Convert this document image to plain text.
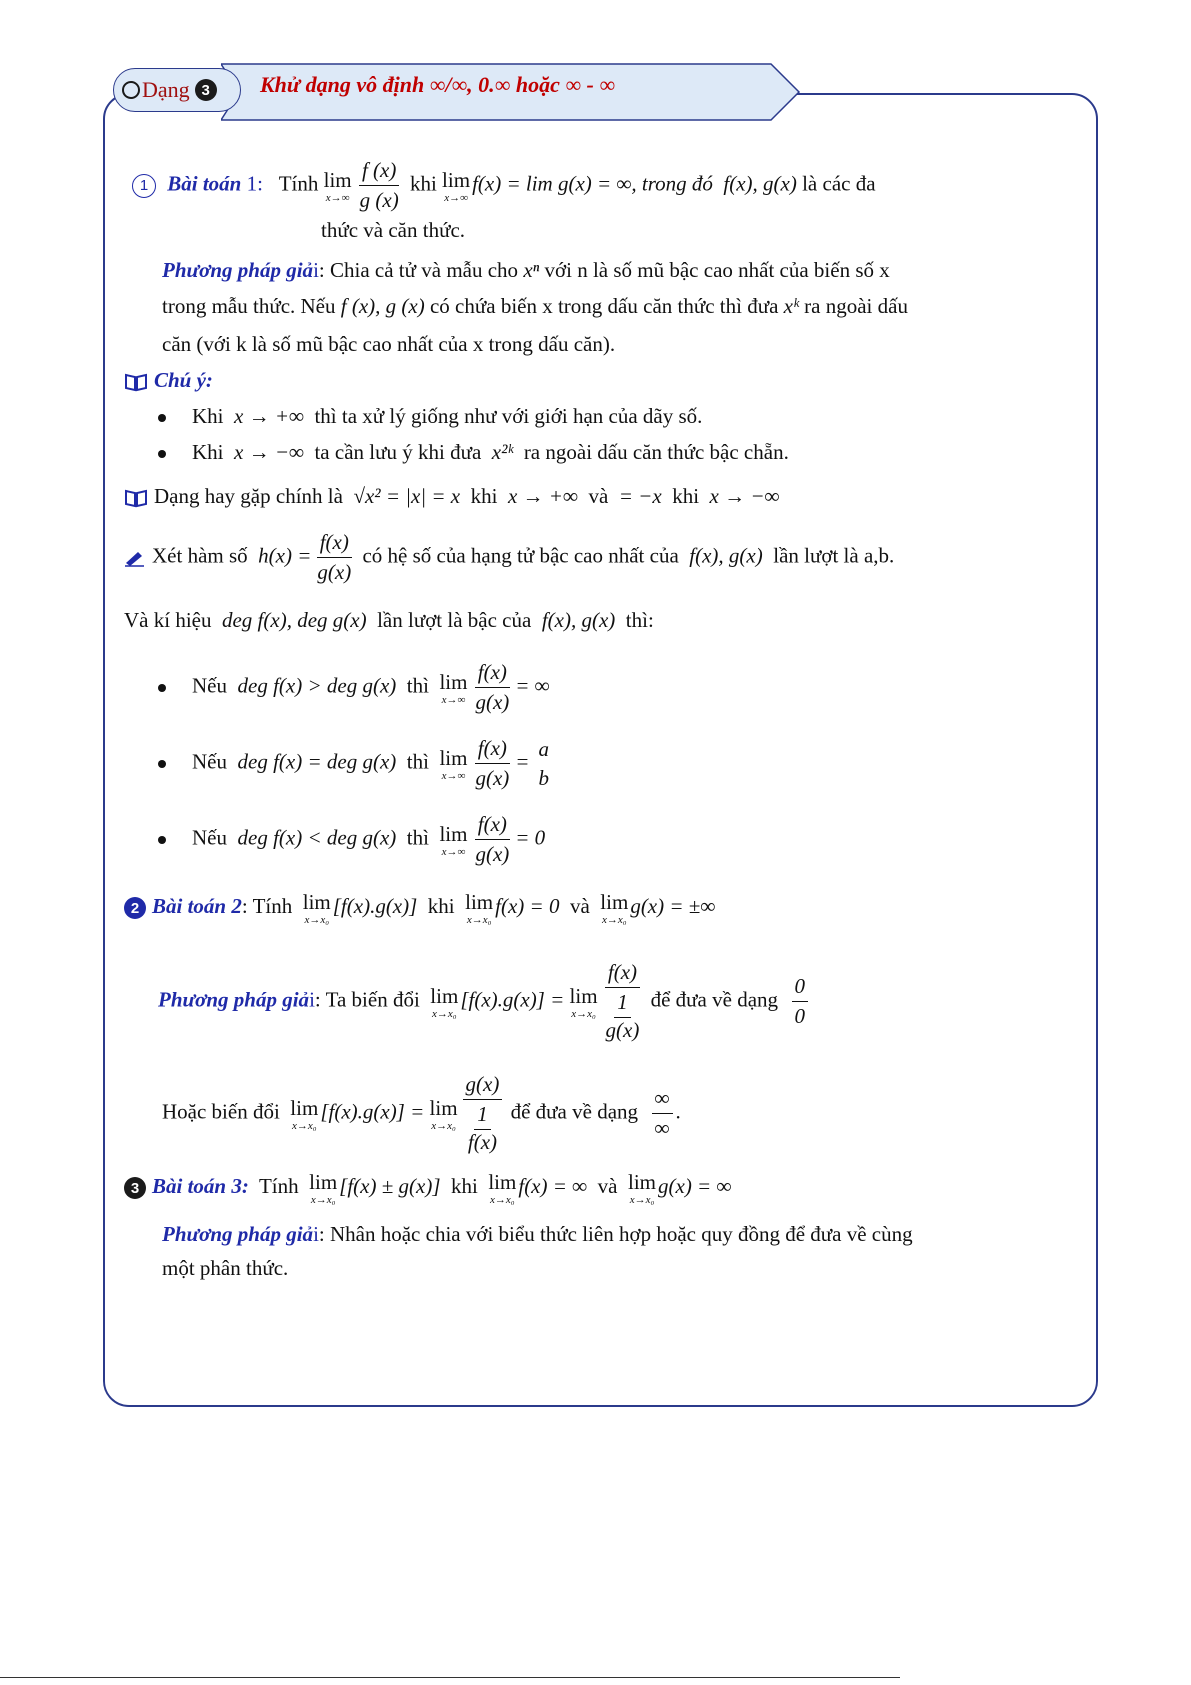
Dạng 3	Khử dạng vô định ∞/∞, 0.∞ hoặc ∞ - ∞
1 Bài toán 1: Tính lim
$x\to\infty \frac{f (x)}{g (x)}$ khi lim
x→∞
f(x) = lim g(x) = ∞, trong đó f(x), g(x) là các đa
thức và căn thức.
Phương pháp giải: Chia cả tử và mẫu cho xⁿ với n là số mũ bậc cao nhất của biến số x
trong mẫu thức. Nếu f (x), g (x) có chứa biến x trong dấu căn thức thì đưa xᵏ ra ngoài dấu
căn (với k là số mũ bậc cao nhất của x trong dấu căn).
Chú ý:
Khi x → +∞ thì ta xử lý giống như với giới hạn của dãy số.
Khi x → −∞ ta cần lưu ý khi đưa x²ᵏ ra ngoài dấu căn thức bậc chẵn.
Dạng hay gặp chính là √x² = |x| = x khi x → +∞ và = −x khi x → −∞
Xét hàm số $h(x) = \frac{f(x)}{g(x)}$ có hệ số của hạng tử bậc cao nhất của f(x), g(x) lần lượt là a,b.
Và kí hiệu deg f(x), deg g(x) lần lượt là bậc của f(x), g(x) thì:
Nếu deg f(x) > deg g(x) thì lim
$x\to\infty \frac{f(x)}{g(x)}$ = ∞
Nếu deg f(x) = deg g(x) thì lim
$x\to\infty \frac{f(x)}{g(x)}$ =
a
b
Nếu deg f(x) < deg g(x) thì lim
$x\to\infty \frac{f(x)}{g(x)} = 0$
2 Bài toán 2: Tính lim
x→x₀
[f(x).g(x)] khi lim
x→x₀
f(x) = 0 và lim
x→x₀
g(x) = ±∞
Phương pháp giải: Ta biến đổi lim
x→x₀
[f(x).g(x)] = lim
x→x₀ f(x)
1
g(x) để đưa về dạng $\frac{0}{0}$
Hoặc biến đổi lim
x→x₀
[f(x).g(x)] = lim
x→x₀ g(x)
1
f(x) để đưa về dạng $\frac{\infty}{\infty}$ .
3 Bài toán 3: Tính lim
x→x₀
[f(x) ± g(x)] khi lim
x→x₀
f(x) = ∞ và lim
x→x₀
g(x) = ∞
Phương pháp giải: Nhân hoặc chia với biểu thức liên hợp hoặc quy đồng để đưa về cùng
một phân thức.
